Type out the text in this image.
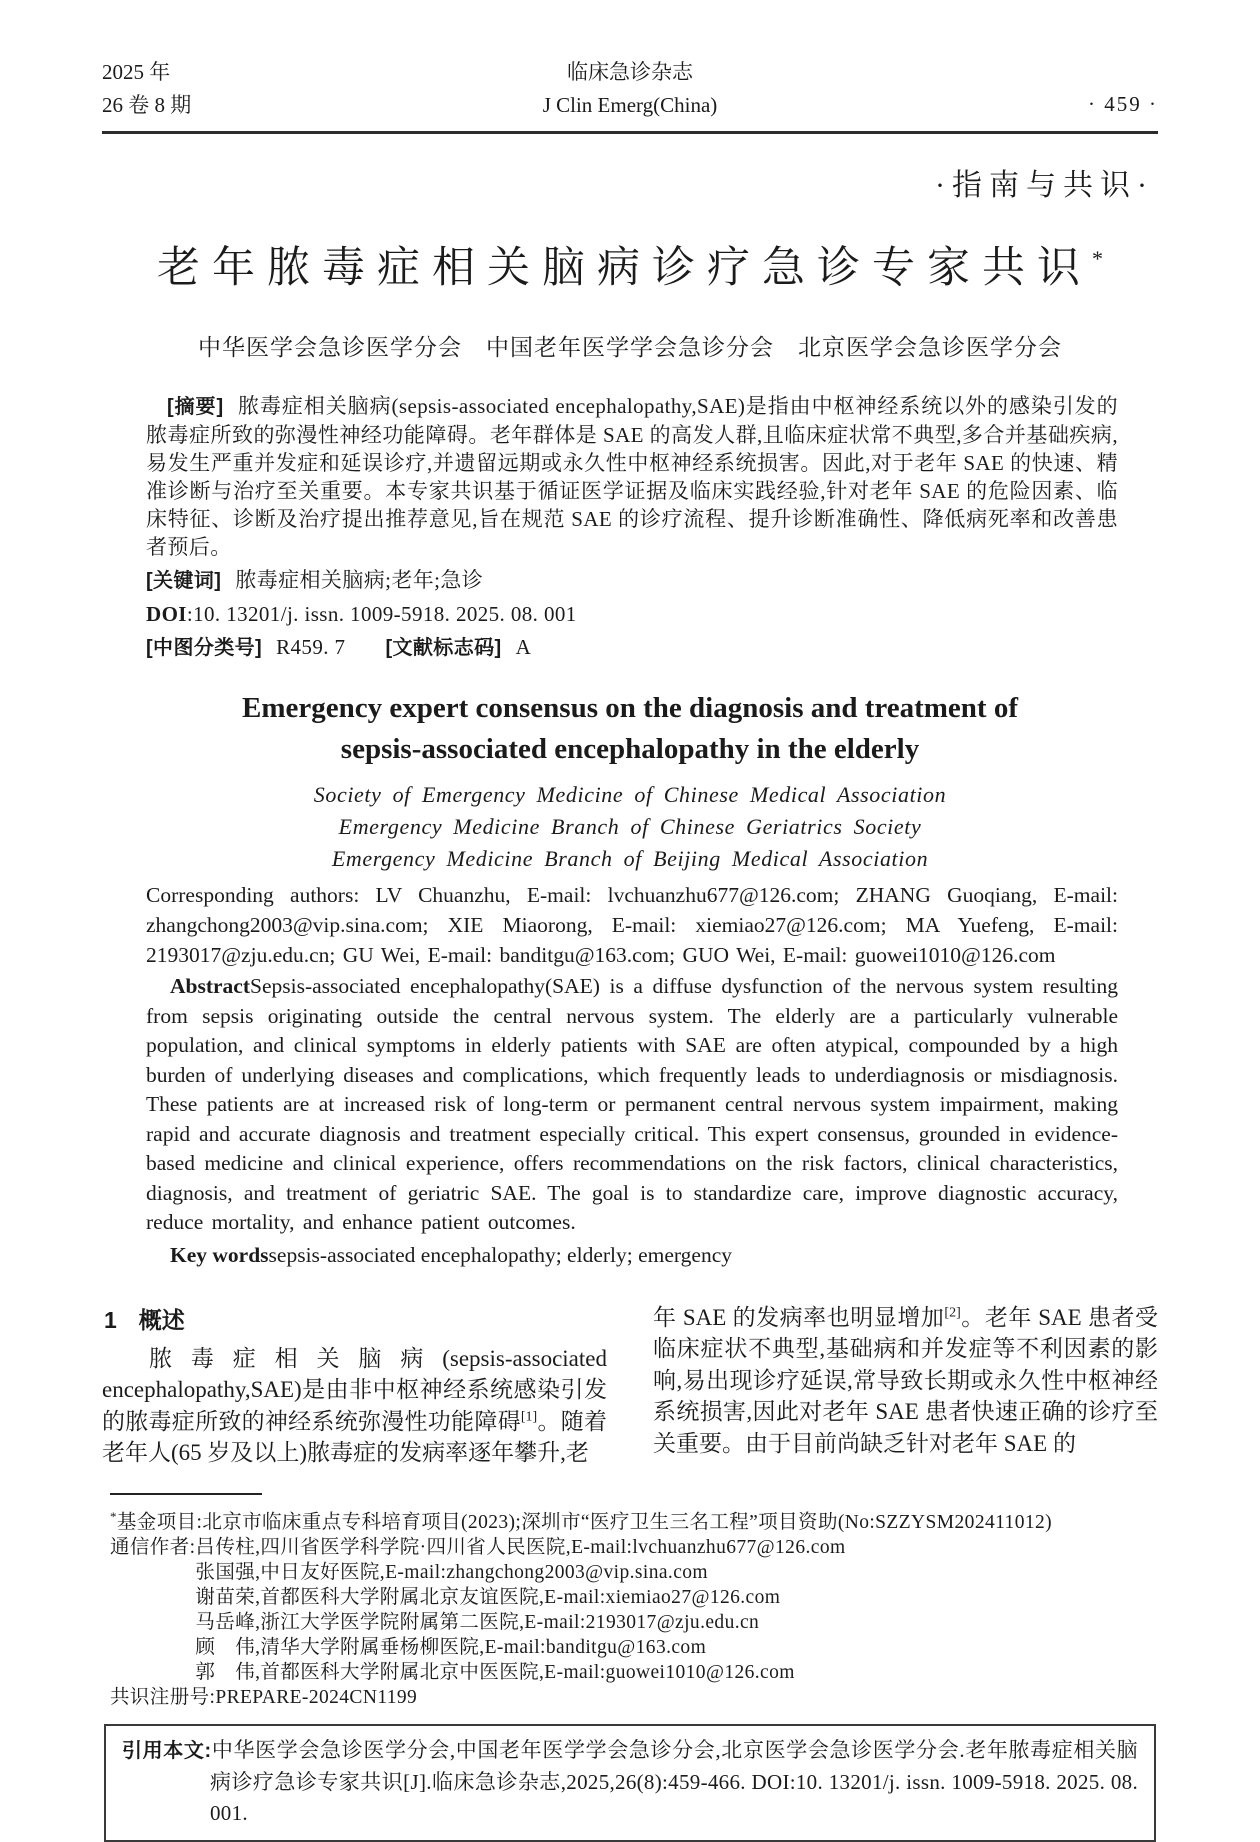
2025 年
26 卷 8 期
临床急诊杂志
J Clin Emerg(China)	· 459 ·
·指南与共识·
老年脓毒症相关脑病诊疗急诊专家共识*
中华医学会急诊医学分会　中国老年医学学会急诊分会　北京医学会急诊医学分会

[摘要] 脓毒症相关脑病(sepsis-associated encephalopathy,SAE)是指由中枢神经系统以外的感染引发的脓毒症所致的弥漫性神经功能障碍。老年群体是 SAE 的高发人群,且临床症状常不典型,多合并基础疾病,易发生严重并发症和延误诊疗,并遗留远期或永久性中枢神经系统损害。因此,对于老年 SAE 的快速、精准诊断与治疗至关重要。本专家共识基于循证医学证据及临床实践经验,针对老年 SAE 的危险因素、临床特征、诊断及治疗提出推荐意见,旨在规范 SAE 的诊疗流程、提升诊断准确性、降低病死率和改善患者预后。

[关键词] 脓毒症相关脑病;老年;急诊

DOI:10. 13201/j. issn. 1009-5918. 2025. 08. 001

[中图分类号] R459. 7 [文献标志码] A

Emergency expert consensus on the diagnosis and treatment of
sepsis-associated encephalopathy in the elderly
Society of Emergency Medicine of Chinese Medical Association
Emergency Medicine Branch of Chinese Geriatrics Society
Emergency Medicine Branch of Beijing Medical Association

Corresponding authors: LV Chuanzhu, E-mail: lvchuanzhu677@126.com; ZHANG Guoqiang, E-mail: zhangchong2003@vip.sina.com; XIE Miaorong, E-mail: xiemiao27@126.com; MA Yuefeng, E-mail: 2193017@zju.edu.cn; GU Wei, E-mail: banditgu@163.com; GUO Wei, E-mail: guowei1010@126.com

AbstractSepsis-associated encephalopathy(SAE) is a diffuse dysfunction of the nervous system resulting from sepsis originating outside the central nervous system. The elderly are a particularly vulnerable population, and clinical symptoms in elderly patients with SAE are often atypical, compounded by a high burden of underlying diseases and complications, which frequently leads to underdiagnosis or misdiagnosis. These patients are at increased risk of long-term or permanent central nervous system impairment, making rapid and accurate diagnosis and treatment especially critical. This expert consensus, grounded in evidence-based medicine and clinical experience, offers recommendations on the risk factors, clinical characteristics, diagnosis, and treatment of geriatric SAE. The goal is to standardize care, improve diagnostic accuracy, reduce mortality, and enhance patient outcomes.

Key wordssepsis-associated encephalopathy; elderly; emergency

1 概述

脓毒症相关脑病(sepsis-associated encephalopathy,SAE)是由非中枢神经系统感染引发的脓毒症所致的神经系统弥漫性功能障碍[1]。随着老年人(65 岁及以上)脓毒症的发病率逐年攀升,老

年 SAE 的发病率也明显增加[2]。老年 SAE 患者受临床症状不典型,基础病和并发症等不利因素的影响,易出现诊疗延误,常导致长期或永久性中枢神经系统损害,因此对老年 SAE 患者快速正确的诊疗至关重要。由于目前尚缺乏针对老年 SAE 的

*基金项目:北京市临床重点专科培育项目(2023);深圳市“医疗卫生三名工程”项目资助(No:SZZYSM202411012)

通信作者: 吕传柱,四川省医学科学院·四川省人民医院,E-mail:lvchuanzhu677@126.com
张国强,中日友好医院,E-mail:zhangchong2003@vip.sina.com
谢苗荣,首都医科大学附属北京友谊医院,E-mail:xiemiao27@126.com
马岳峰,浙江大学医学院附属第二医院,E-mail:2193017@zju.edu.cn
顾　伟,清华大学附属垂杨柳医院,E-mail:banditgu@163.com
郭　伟,首都医科大学附属北京中医医院,E-mail:guowei1010@126.com

共识注册号:PREPARE-2024CN1199

引用本文:中华医学会急诊医学分会,中国老年医学学会急诊分会,北京医学会急诊医学分会.老年脓毒症相关脑病诊疗急诊专家共识[J].临床急诊杂志,2025,26(8):459-466. DOI:10. 13201/j. issn. 1009-5918. 2025. 08. 001.
